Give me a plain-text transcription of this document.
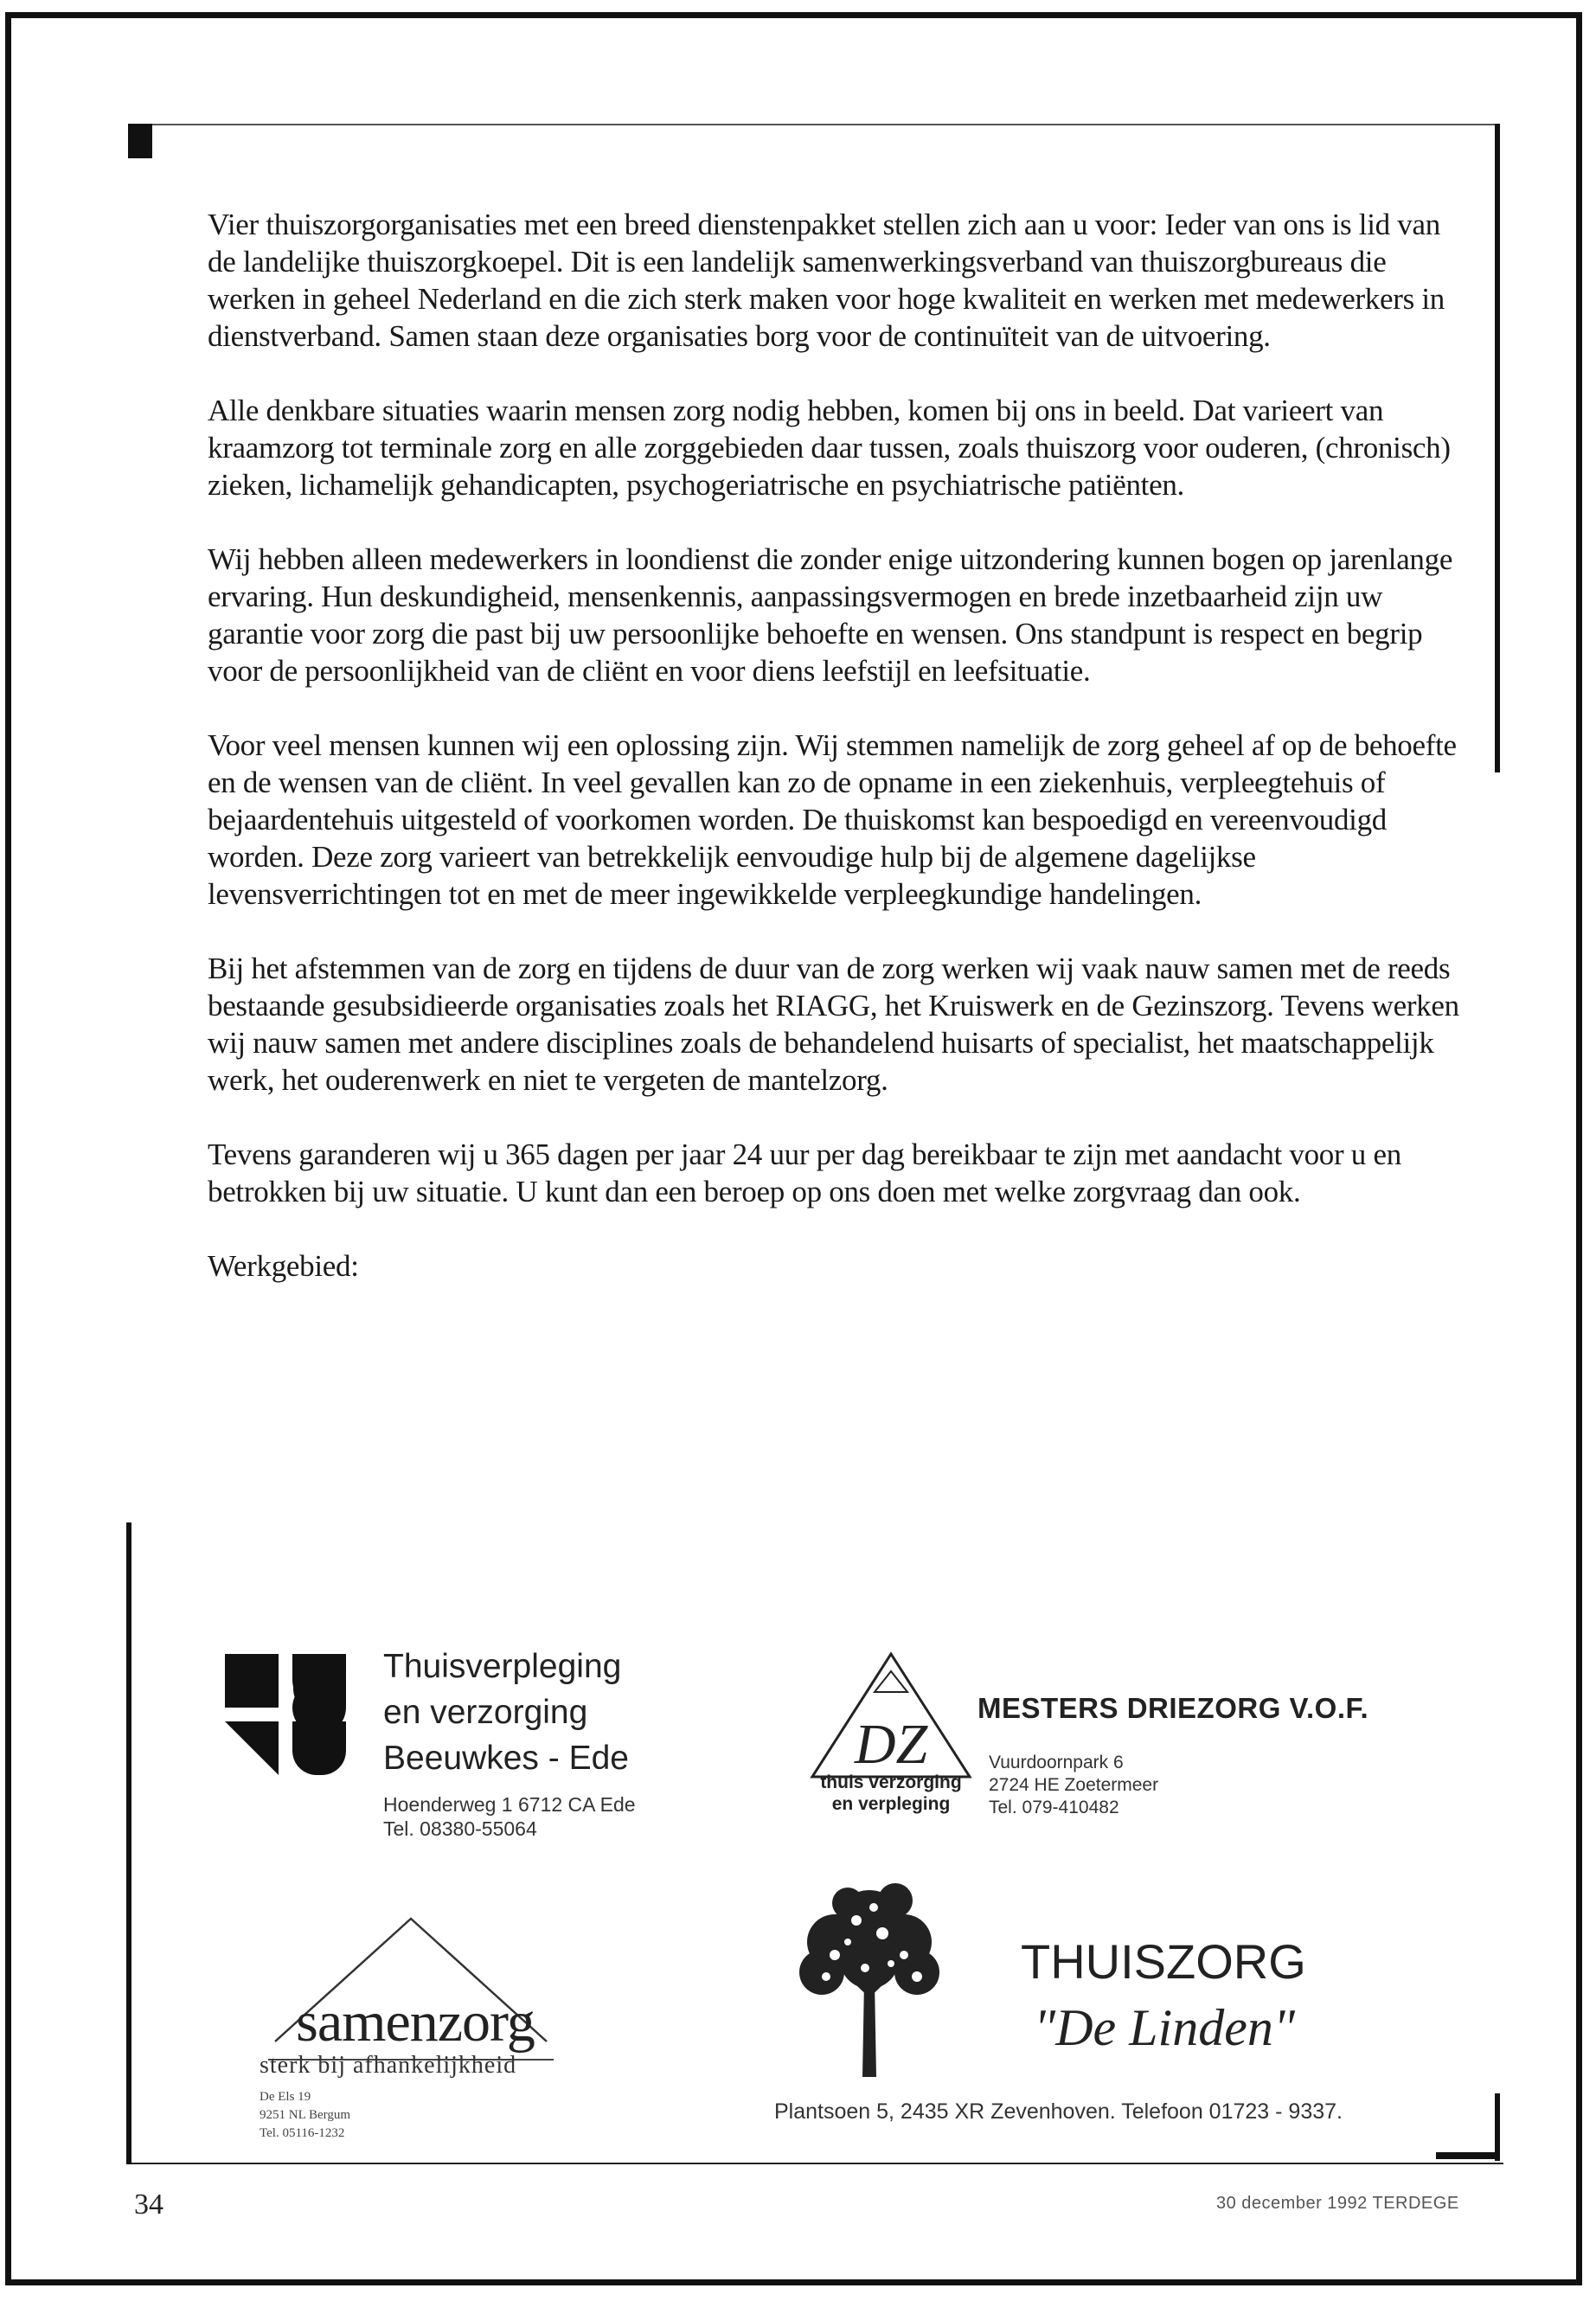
Vier thuiszorgorganisaties met een breed dienstenpakket stellen zich aan u voor: Ieder van ons is lid van de landelijke thuiszorgkoepel. Dit is een landelijk samenwerkingsverband van thuiszorgbureaus die werken in geheel Nederland en die zich sterk maken voor hoge kwaliteit en werken met medewerkers in dienstverband. Samen staan deze organisaties borg voor de continuïteit van de uitvoering.

Alle denkbare situaties waarin mensen zorg nodig hebben, komen bij ons in beeld. Dat varieert van kraamzorg tot terminale zorg en alle zorggebieden daar tussen, zoals thuiszorg voor ouderen, (chronisch) zieken, lichamelijk gehandicapten, psychogeriatrische en psychiatrische patiënten.

Wij hebben alleen medewerkers in loondienst die zonder enige uitzondering kunnen bogen op jarenlange ervaring. Hun deskundigheid, mensenkennis, aanpassingsvermogen en brede inzetbaarheid zijn uw garantie voor zorg die past bij uw persoonlijke behoefte en wensen. Ons standpunt is respect en begrip voor de persoonlijkheid van de cliënt en voor diens leefstijl en leefsituatie.

Voor veel mensen kunnen wij een oplossing zijn. Wij stemmen namelijk de zorg geheel af op de behoefte en de wensen van de cliënt. In veel gevallen kan zo de opname in een ziekenhuis, verpleegtehuis of bejaardentehuis uitgesteld of voorkomen worden. De thuiskomst kan bespoedigd en vereenvoudigd worden. Deze zorg varieert van betrekkelijk eenvoudige hulp bij de algemene dagelijkse levensverrichtingen tot en met de meer ingewikkelde verpleegkundige handelingen.

Bij het afstemmen van de zorg en tijdens de duur van de zorg werken wij vaak nauw samen met de reeds bestaande gesubsidieerde organisaties zoals het RIAGG, het Kruiswerk en de Gezinszorg. Tevens werken wij nauw samen met andere disciplines zoals de behandelend huisarts of specialist, het maatschappelijk werk, het ouderenwerk en niet te vergeten de mantelzorg.

Tevens garanderen wij u 365 dagen per jaar 24 uur per dag bereikbaar te zijn met aandacht voor u en betrokken bij uw situatie. U kunt dan een beroep op ons doen met welke zorgvraag dan ook.

Werkgebied:

Thuisverpleging
en verzorging
Beeuwkes - Ede
Hoenderweg 1 6712 CA Ede
Tel. 08380-55064
DZ
thuis verzorging
en verpleging
MESTERS DRIEZORG V.O.F.
Vuurdoornpark 6
2724 HE Zoetermeer
Tel. 079-410482
samenzorg
sterk bij afhankelijkheid
De Els 19
9251 NL Bergum
Tel. 05116-1232
THUISZORG
"De Linden"
Plantsoen 5, 2435 XR Zevenhoven. Telefoon 01723 - 9337.
34	30 december 1992 TERDEGE
